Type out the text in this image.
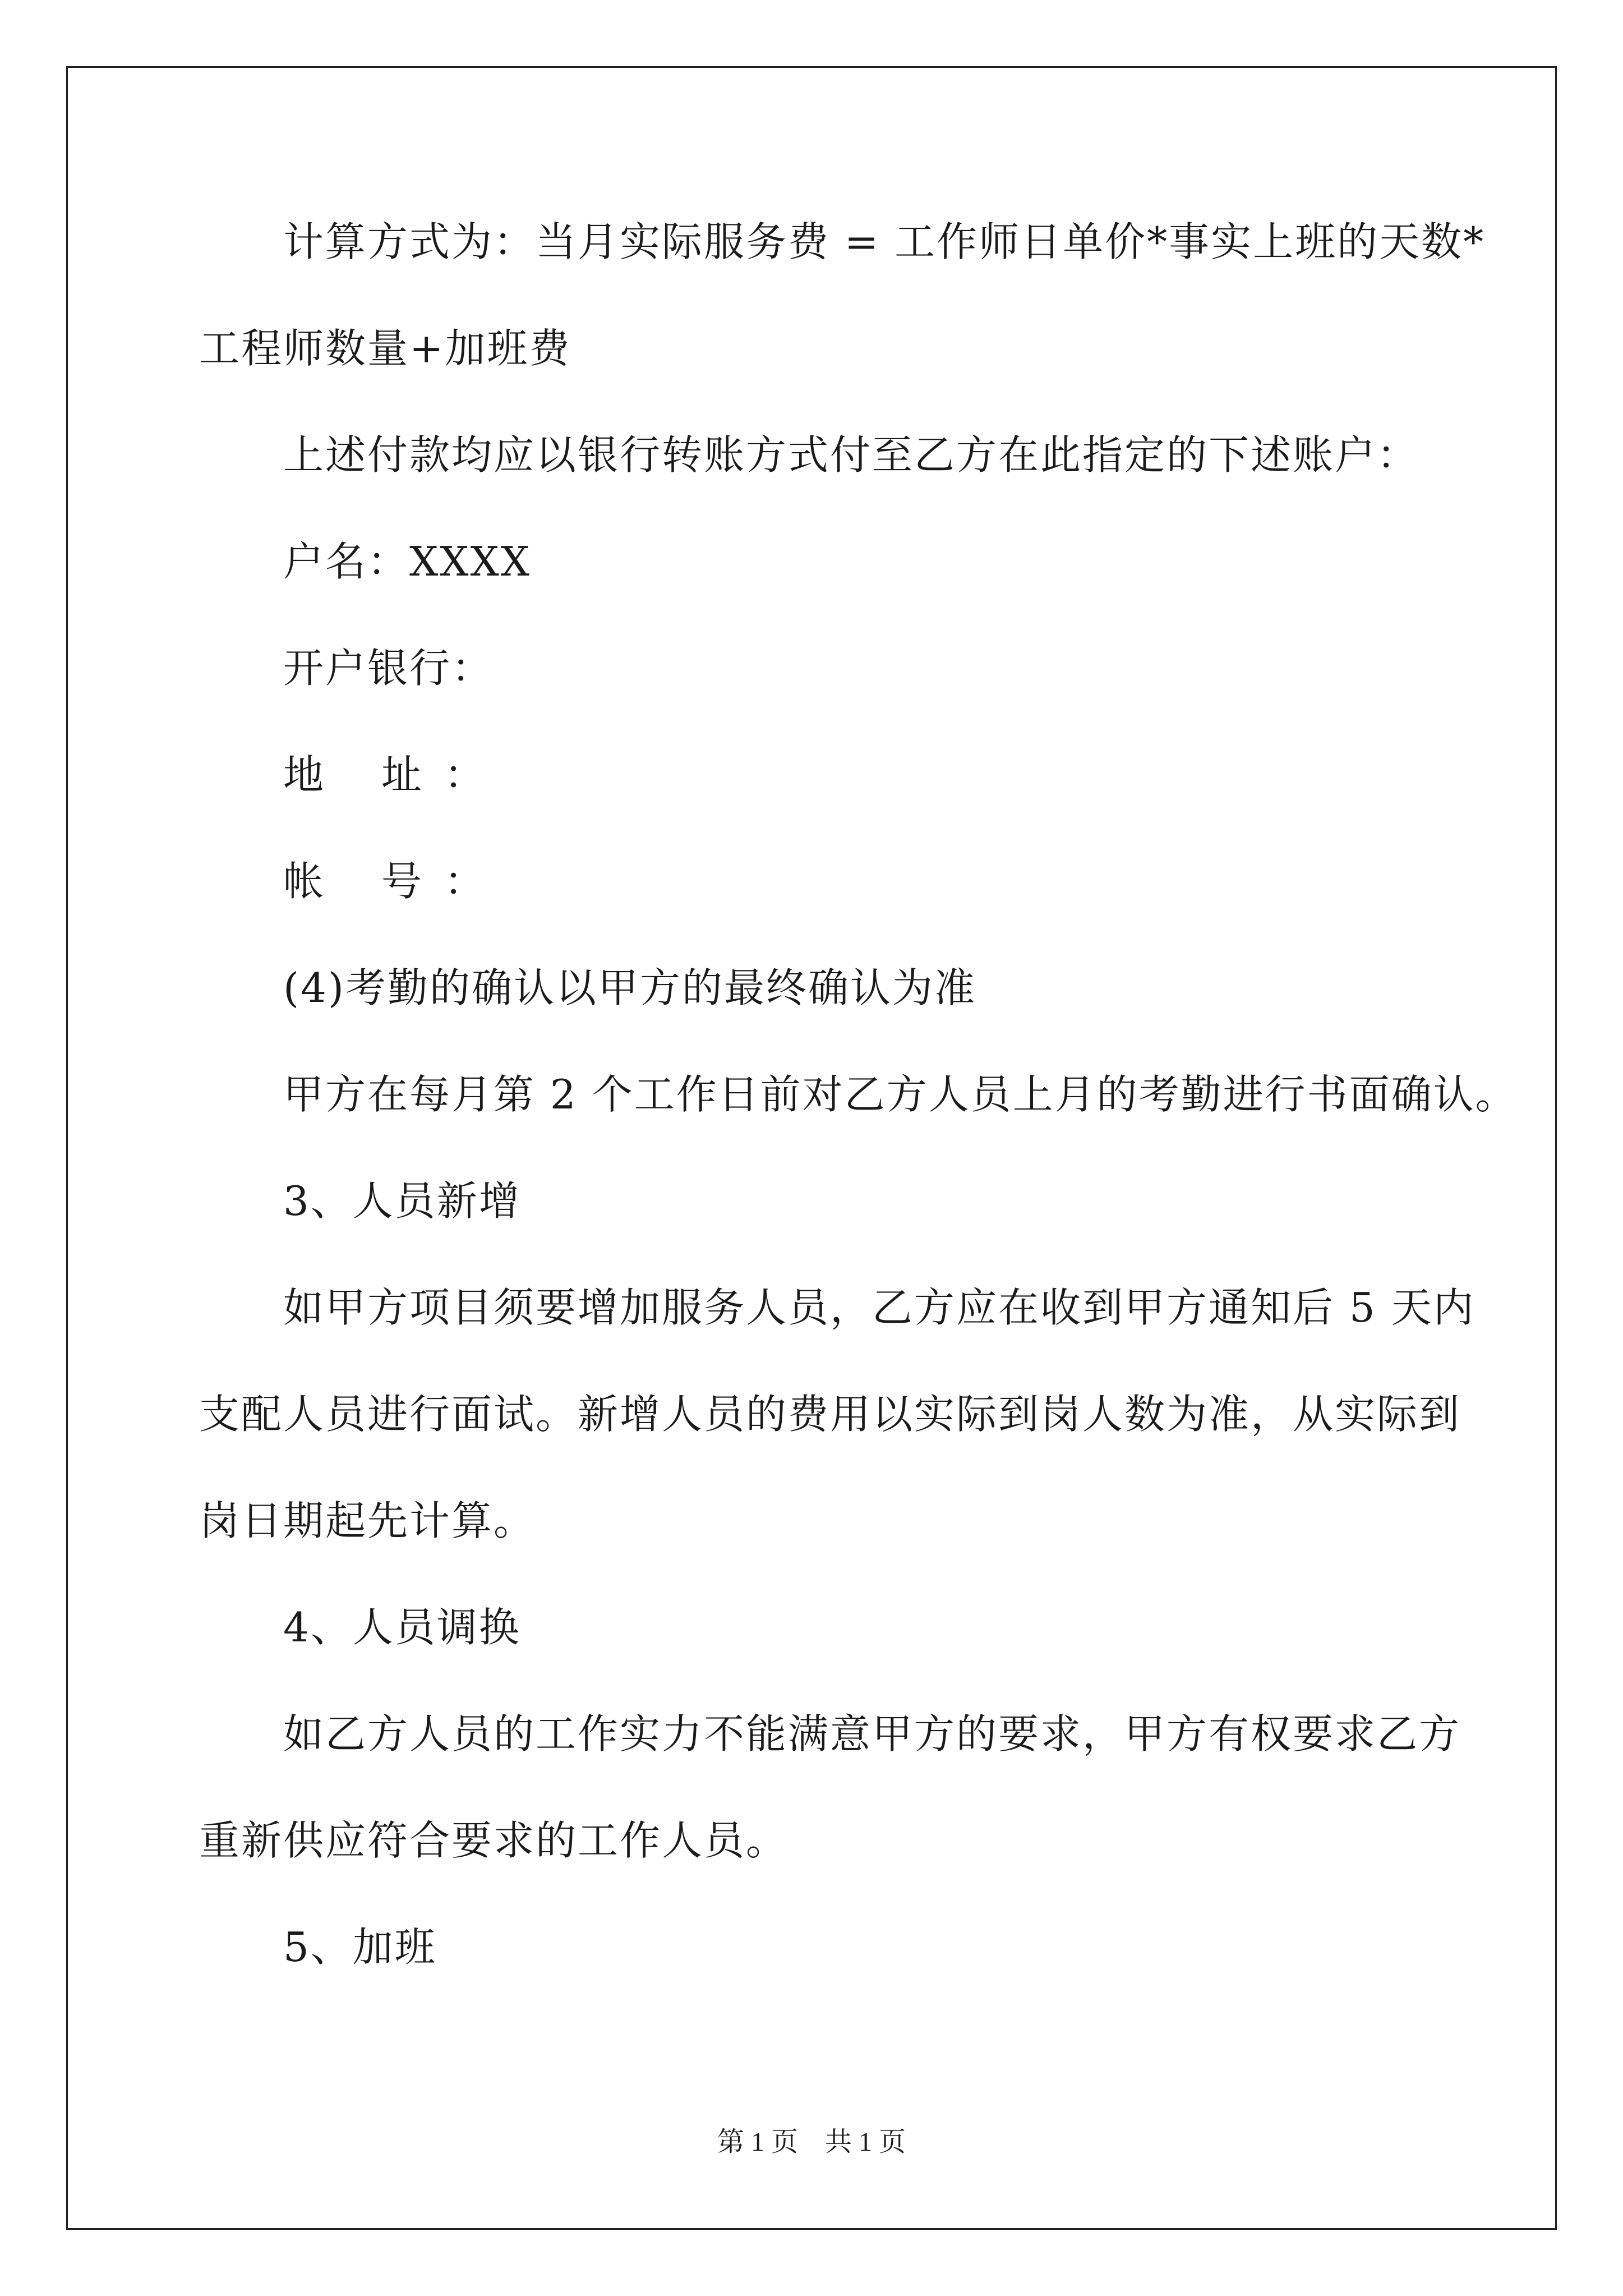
计算方式为：当月实际服务费 = 工作师日单价*事实上班的天数*
工程师数量+加班费
上述付款均应以银行转账方式付至乙方在此指定的下述账户：
户名：XXXX
开户银行：
地 址：
帐 号：
(4)考勤的确认以甲方的最终确认为准
甲方在每月第 2 个工作日前对乙方人员上月的考勤进行书面确认。
3、人员新增
如甲方项目须要增加服务人员，乙方应在收到甲方通知后 5 天内
支配人员进行面试。新增人员的费用以实际到岗人数为准，从实际到
岗日期起先计算。
4、人员调换
如乙方人员的工作实力不能满意甲方的要求，甲方有权要求乙方
重新供应符合要求的工作人员。
5、加班
第 1 页　共 1 页
